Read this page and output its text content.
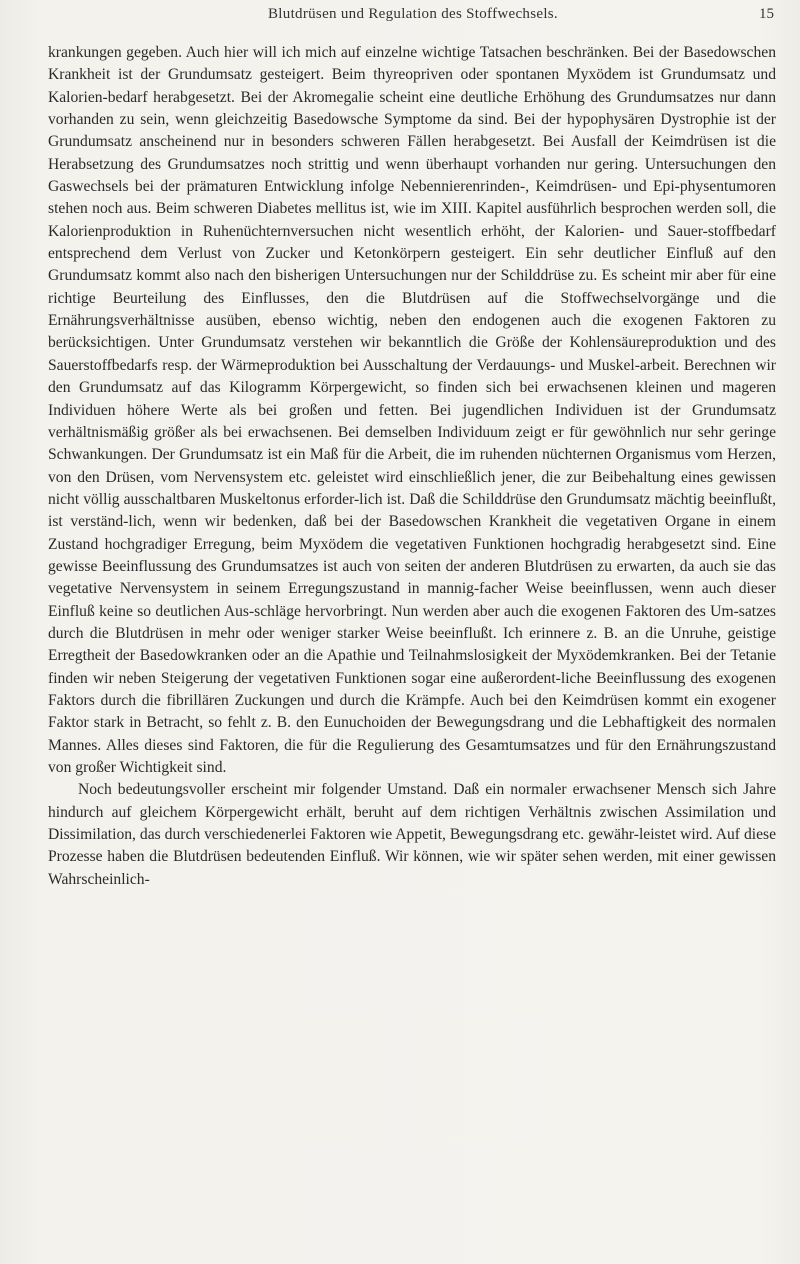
Blutdrüsen und Regulation des Stoffwechsels.	15

krankungen gegeben. Auch hier will ich mich auf einzelne wichtige Tatsachen beschränken. Bei der Basedowschen Krankheit ist der Grundumsatz gesteigert. Beim thyreopriven oder spontanen Myxödem ist Grundumsatz und Kalorien-bedarf herabgesetzt. Bei der Akromegalie scheint eine deutliche Erhöhung des Grundumsatzes nur dann vorhanden zu sein, wenn gleichzeitig Basedowsche Symptome da sind. Bei der hypophysären Dystrophie ist der Grundumsatz anscheinend nur in besonders schweren Fällen herabgesetzt. Bei Ausfall der Keimdrüsen ist die Herabsetzung des Grundumsatzes noch strittig und wenn überhaupt vorhanden nur gering. Untersuchungen den Gaswechsels bei der prämaturen Entwicklung infolge Nebennierenrinden-, Keimdrüsen- und Epi-physentumoren stehen noch aus. Beim schweren Diabetes mellitus ist, wie im XIII. Kapitel ausführlich besprochen werden soll, die Kalorienproduktion in Ruhenüchternversuchen nicht wesentlich erhöht, der Kalorien- und Sauer-stoffbedarf entsprechend dem Verlust von Zucker und Ketonkörpern gesteigert. Ein sehr deutlicher Einfluß auf den Grundumsatz kommt also nach den bisherigen Untersuchungen nur der Schilddrüse zu. Es scheint mir aber für eine richtige Beurteilung des Einflusses, den die Blutdrüsen auf die Stoffwechselvorgänge und die Ernährungsverhältnisse ausüben, ebenso wichtig, neben den endogenen auch die exogenen Faktoren zu berücksichtigen. Unter Grundumsatz verstehen wir bekanntlich die Größe der Kohlensäureproduktion und des Sauerstoffbedarfs resp. der Wärmeproduktion bei Ausschaltung der Verdauungs- und Muskel-arbeit. Berechnen wir den Grundumsatz auf das Kilogramm Körpergewicht, so finden sich bei erwachsenen kleinen und mageren Individuen höhere Werte als bei großen und fetten. Bei jugendlichen Individuen ist der Grundumsatz verhältnismäßig größer als bei erwachsenen. Bei demselben Individuum zeigt er für gewöhnlich nur sehr geringe Schwankungen. Der Grundumsatz ist ein Maß für die Arbeit, die im ruhenden nüchternen Organismus vom Herzen, von den Drüsen, vom Nervensystem etc. geleistet wird einschließlich jener, die zur Beibehaltung eines gewissen nicht völlig ausschaltbaren Muskeltonus erforder-lich ist. Daß die Schilddrüse den Grundumsatz mächtig beeinflußt, ist verständ-lich, wenn wir bedenken, daß bei der Basedowschen Krankheit die vegetativen Organe in einem Zustand hochgradiger Erregung, beim Myxödem die vegetativen Funktionen hochgradig herabgesetzt sind. Eine gewisse Beeinflussung des Grundumsatzes ist auch von seiten der anderen Blutdrüsen zu erwarten, da auch sie das vegetative Nervensystem in seinem Erregungszustand in mannig-facher Weise beeinflussen, wenn auch dieser Einfluß keine so deutlichen Aus-schläge hervorbringt. Nun werden aber auch die exogenen Faktoren des Um-satzes durch die Blutdrüsen in mehr oder weniger starker Weise beeinflußt. Ich erinnere z. B. an die Unruhe, geistige Erregtheit der Basedowkranken oder an die Apathie und Teilnahmslosigkeit der Myxödemkranken. Bei der Tetanie finden wir neben Steigerung der vegetativen Funktionen sogar eine außerordent-liche Beeinflussung des exogenen Faktors durch die fibrillären Zuckungen und durch die Krämpfe. Auch bei den Keimdrüsen kommt ein exogener Faktor stark in Betracht, so fehlt z. B. den Eunuchoiden der Bewegungsdrang und die Lebhaftigkeit des normalen Mannes. Alles dieses sind Faktoren, die für die Regulierung des Gesamtumsatzes und für den Ernährungszustand von großer Wichtigkeit sind.

Noch bedeutungsvoller erscheint mir folgender Umstand. Daß ein normaler erwachsener Mensch sich Jahre hindurch auf gleichem Körpergewicht erhält, beruht auf dem richtigen Verhältnis zwischen Assimilation und Dissimilation, das durch verschiedenerlei Faktoren wie Appetit, Bewegungsdrang etc. gewähr-leistet wird. Auf diese Prozesse haben die Blutdrüsen bedeutenden Einfluß. Wir können, wie wir später sehen werden, mit einer gewissen Wahrscheinlich-
